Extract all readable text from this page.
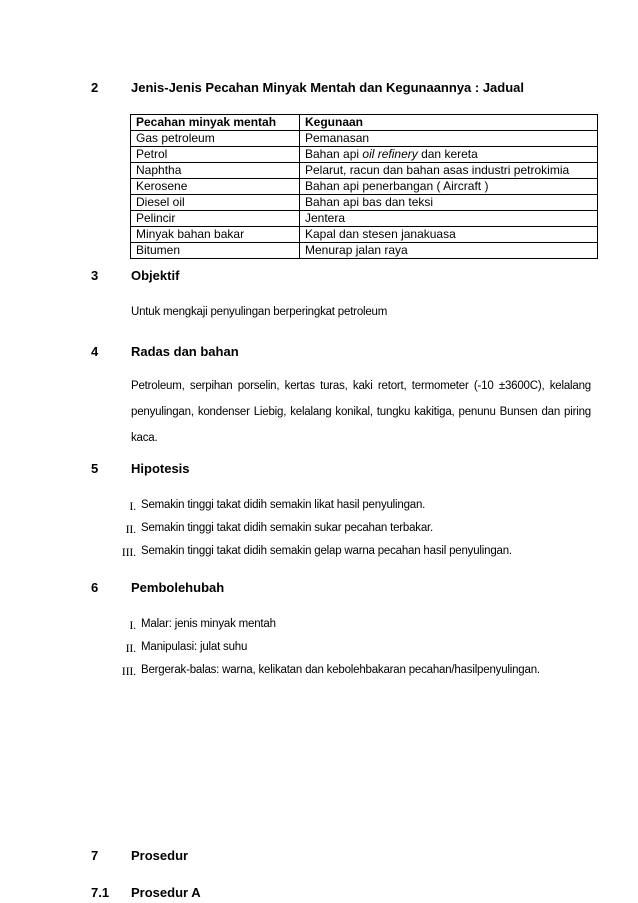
2	Jenis-Jenis Pecahan Minyak Mentah dan Kegunaannya : Jadual
Pecahan minyak mentah	Kegunaan
Gas petroleum	Pemanasan
Petrol	Bahan api oil refinery dan kereta
Naphtha	Pelarut, racun dan bahan asas industri petrokimia
Kerosene	Bahan api penerbangan ( Aircraft )
Diesel oil	Bahan api bas dan teksi
Pelincir	Jentera
Minyak bahan bakar	Kapal dan stesen janakuasa
Bitumen	Menurap jalan raya
3	Objektif
Untuk mengkaji penyulingan berperingkat petroleum
4	Radas dan bahan
Petroleum, serpihan porselin, kertas turas, kaki retort, termometer (-10 ±3600C), kelalang penyulingan, kondenser Liebig, kelalang konikal, tungku kakitiga, penunu Bunsen dan piring kaca.
5	Hipotesis
I. Semakin tinggi takat didih semakin likat hasil penyulingan.
II. Semakin tinggi takat didih semakin sukar pecahan terbakar.
III. Semakin tinggi takat didih semakin gelap warna pecahan hasil penyulingan.
6	Pembolehubah
I. Malar: jenis minyak mentah
II. Manipulasi: julat suhu
III. Bergerak-balas: warna, kelikatan dan kebolehbakaran pecahan/hasilpenyulingan.
7	Prosedur
7.1 Prosedur A
